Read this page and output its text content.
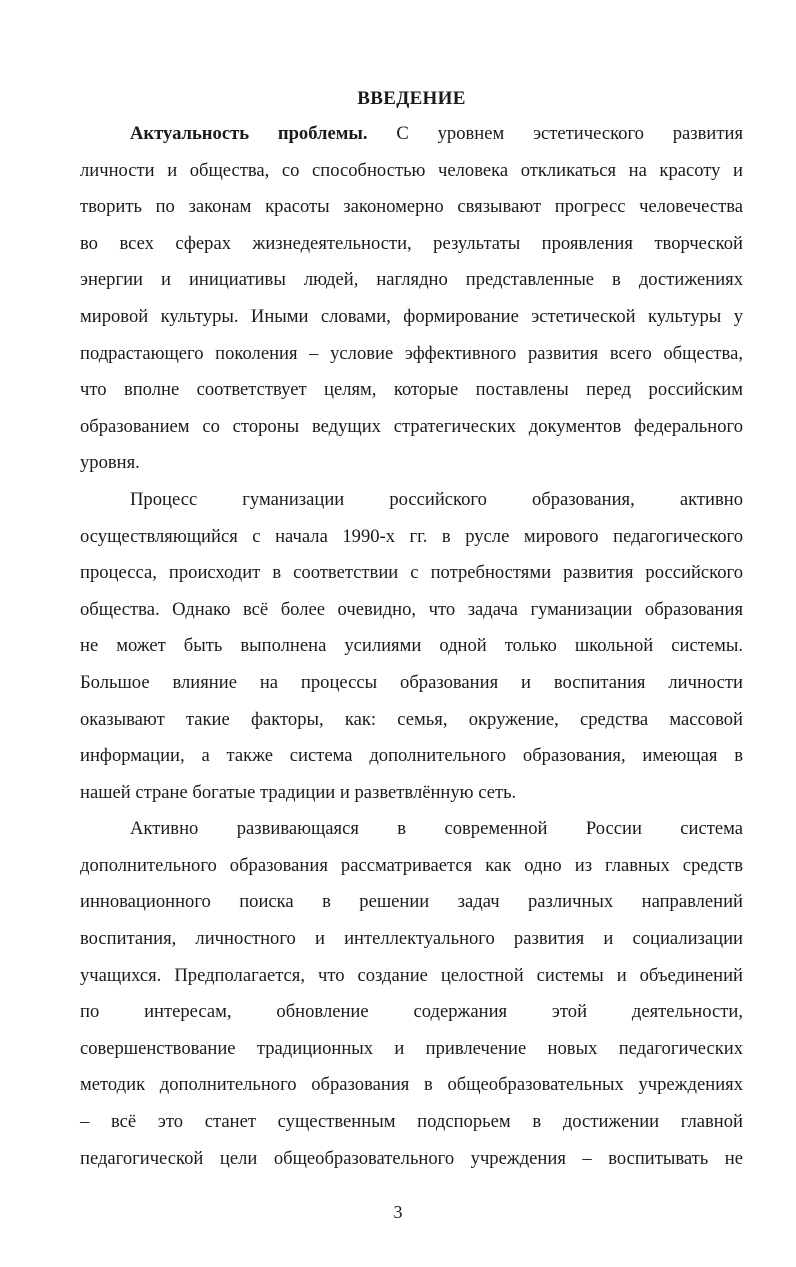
ВВЕДЕНИЕ
Актуальность проблемы. С уровнем эстетического развития
личности и общества, со способностью человека откликаться на красоту и
творить по законам красоты закономерно связывают прогресс человечества
во всех сферах жизнедеятельности, результаты проявления творческой
энергии и инициативы людей, наглядно представленные в достижениях
мировой культуры. Иными словами, формирование эстетической культуры у
подрастающего поколения – условие эффективного развития всего общества,
что вполне соответствует целям, которые поставлены перед российским
образованием со стороны ведущих стратегических документов федерального
уровня.
Процесс гуманизации российского образования, активно
осуществляющийся с начала 1990-х гг. в русле мирового педагогического
процесса, происходит в соответствии с потребностями развития российского
общества. Однако всё более очевидно, что задача гуманизации образования
не может быть выполнена усилиями одной только школьной системы.
Большое влияние на процессы образования и воспитания личности
оказывают такие факторы, как: семья, окружение, средства массовой
информации, а также система дополнительного образования, имеющая в
нашей стране богатые традиции и разветвлённую сеть.
Активно развивающаяся в современной России система
дополнительного образования рассматривается как одно из главных средств
инновационного поиска в решении задач различных направлений
воспитания, личностного и интеллектуального развития и социализации
учащихся. Предполагается, что создание целостной системы и объединений
по интересам, обновление содержания этой деятельности,
совершенствование традиционных и привлечение новых педагогических
методик дополнительного образования в общеобразовательных учреждениях
– всё это станет существенным подспорьем в достижении главной
педагогической цели общеобразовательного учреждения – воспитывать не
3
